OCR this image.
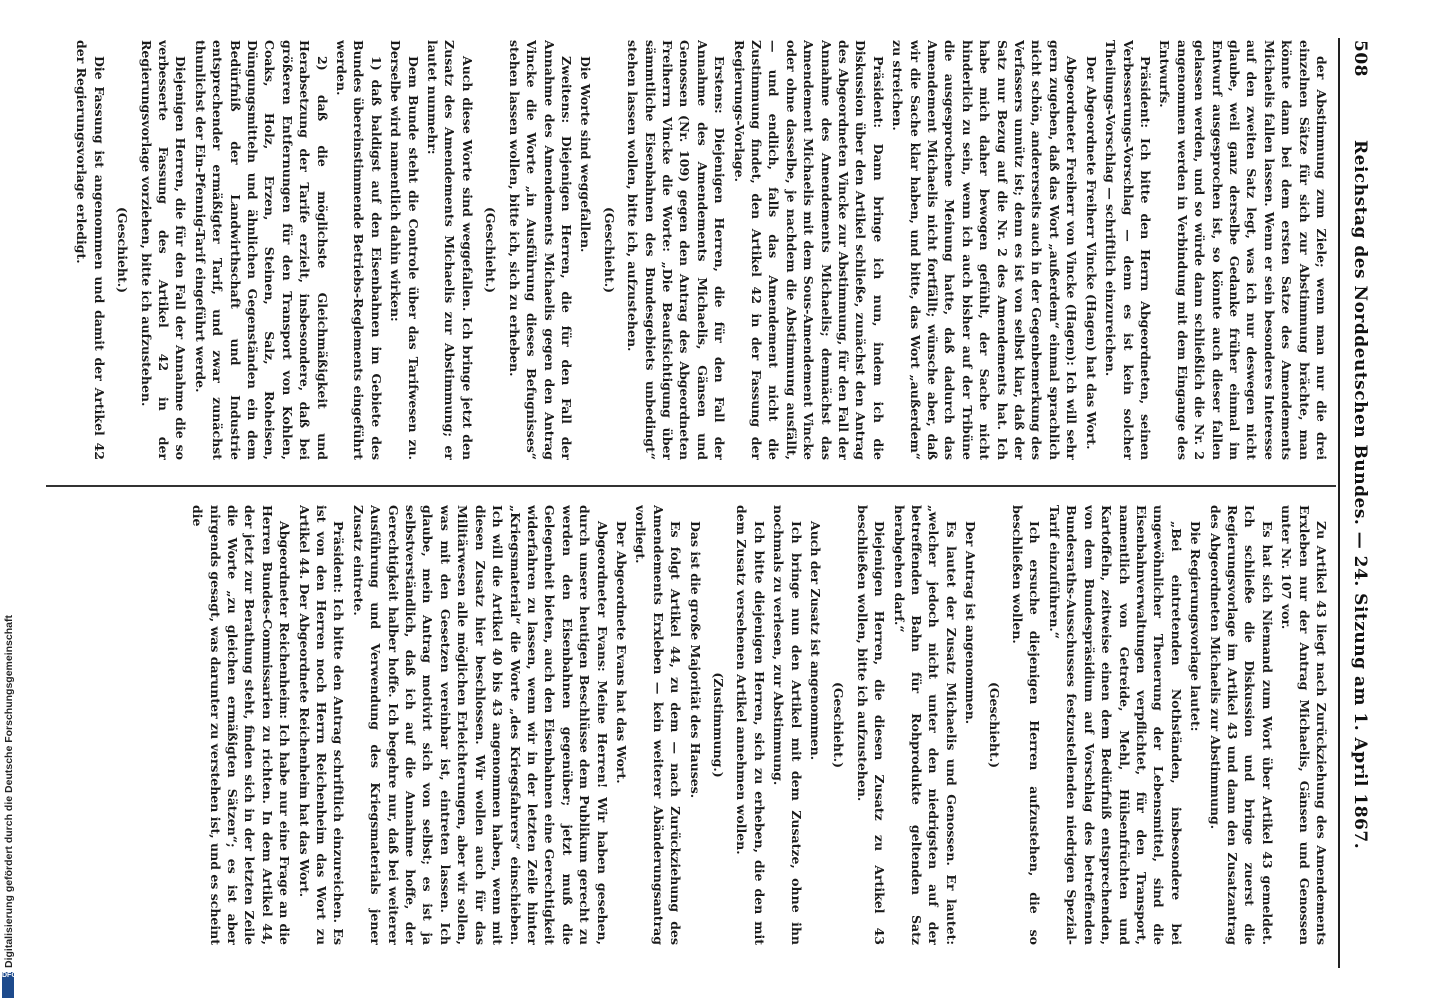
508
Reichstag des Norddeutschen Bundes. — 24. Sitzung am 1. April 1867.

der Abstimmung zum Ziele; wenn man nur die drei einzelnen Sätze für sich zur Abstimmung brächte, man könnte dann bei dem ersten Satze des Amendements Michaelis fallen lassen. Wenn er sein besonderes Interesse auf den zweiten Satz legt, was ich nur deswegen nicht glaube, weil ganz derselbe Gedanke früher einmal im Entwurf ausgesprochen ist, so könnte auch dieser fallen gelassen werden, und so würde dann schließlich die Nr. 2 angenommen werden in Verbindung mit dem Eingange des Entwurfs.

Präsident: Ich bitte den Herrn Abgeordneten, seinen Verbesserungs-Vorschlag — denn es ist kein solcher Theilungs-Vorschlag — schriftlich einzureichen.

Der Abgeordnete Freiherr Vincke (Hagen) hat das Wort.

Abgeordneter Freiherr von Vincke (Hagen): Ich will sehr gern zugeben, daß das Wort „außerdem“ einmal sprachlich nicht schön, andererseits auch in der Gegenbemerkung des Verfassers unnütz ist; denn es ist von selbst klar, daß der Satz nur Bezug auf die Nr. 2 des Amendements hat. Ich habe mich daher bewogen gefühlt, der Sache nicht hinderlich zu sein, wenn ich auch bisher auf der Tribüne die ausgesprochene Meinung hatte, daß dadurch das Amendement Michaelis nicht fortfällt; wünsche aber, daß wir die Sache klar haben, und bitte, das Wort „außerdem“ zu streichen.

Präsident: Dann bringe ich nun, indem ich die Diskussion über den Artikel schließe, zunächst den Antrag des Abgeordneten Vincke zur Abstimmung, für den Fall der Annahme des Amendements Michaelis; demnächst das Amendement Michaelis mit dem Sous-Amendement Vincke oder ohne dasselbe, je nachdem die Abstimmung ausfällt, — und endlich, falls das Amendement nicht die Zustimmung findet, den Artikel 42 in der Fassung der Regierungs-Vorlage.

Erstens: Diejenigen Herren, die für den Fall der Annahme des Amendements Michaelis, Gänsen und Genossen (Nr. 109) gegen den Antrag des Abgeordneten Freiherrn Vincke die Worte: „Die Beaufsichtigung über sämmtliche Eisenbahnen des Bundesgebiets unbedingt“ stehen lassen wollen, bitte ich, aufzustehen.

(Geschieht.)

Die Worte sind weggefallen.

Zweitens: Diejenigen Herren, die für den Fall der Annahme des Amendements Michaelis gegen den Antrag Vincke die Worte „in Ausführung dieses Befugnisses“ stehen lassen wollen, bitte ich, sich zu erheben.

(Geschieht.)

Auch diese Worte sind weggefallen. Ich bringe jetzt den Zusatz des Amendements Michaelis zur Abstimmung; er lautet nunmehr:

Dem Bunde steht die Controle über das Tarifwesen zu. Derselbe wird namentlich dahin wirken:

1) daß baldigst auf den Eisenbahnen im Gebiete des Bundes übereinstimmende Betriebs-Reglements eingeführt werden.

2) daß die möglichste Gleichmäßigkeit und Herabsetzung der Tarife erzielt, insbesondere, daß bei größeren Entfernungen für den Transport von Kohlen, Coaks, Holz, Erzen, Steinen, Salz, Roheisen, Düngungsmitteln und ähnlichen Gegenständen ein dem Bedürfniß der Landwirthschaft und Industrie entsprechender ermäßigter Tarif, und zwar zunächst thunlichst der Ein-Pfennig-Tarif eingeführt werde.

Diejenigen Herren, die für den Fall der Annahme die so verbesserte Fassung des Artikel 42 in der Regierungsvorlage vorziehen, bitte ich aufzustehen.

(Geschieht.)

Die Fassung ist angenommen und damit der Artikel 42 der Regierungsvorlage erledigt.

Zu Artikel 43 liegt nach Zurückziehung des Amendements Erxleben nur der Antrag Michaelis, Gänsen und Genossen unter Nr. 107 vor.

Es hat sich Niemand zum Wort über Artikel 43 gemeldet. Ich schließe die Diskussion und bringe zuerst die Regierungsvorlage im Artikel 43 und dann den Zusatzantrag des Abgeordneten Michaelis zur Abstimmung.

Die Regierungsvorlage lautet:

„Bei eintretenden Nothständen, insbesondere bei ungewöhnlicher Theuerung der Lebensmittel, sind die Eisenbahnverwaltungen verpflichtet, für den Transport, namentlich von Getreide, Mehl, Hülsenfrüchten und Kartoffeln, zeitweise einen dem Bedürfniß entsprechenden, von dem Bundespräsidium auf Vorschlag des betreffenden Bundesraths-Ausschusses festzustellenden niedrigen Spezial-Tarif einzuführen.“

Ich ersuche diejenigen Herren aufzustehen, die so beschließen wollen.

(Geschieht.)

Der Antrag ist angenommen.

Es lautet der Zusatz Michaelis und Genossen. Er lautet: „welcher jedoch nicht unter den niedrigsten auf der betreffenden Bahn für Rohprodukte geltenden Satz herabgehen darf.“

Diejenigen Herren, die diesen Zusatz zu Artikel 43 beschließen wollen, bitte ich aufzustehen.

(Geschieht.)

Auch der Zusatz ist angenommen.

Ich bringe nun den Artikel mit dem Zusatze, ohne ihn nochmals zu verlesen, zur Abstimmung.

Ich bitte diejenigen Herren, sich zu erheben, die den mit dem Zusatz versehenen Artikel annehmen wollen.

(Zustimmung.)

Das ist die große Majorität des Hauses.

Es folgt Artikel 44, zu dem — nach Zurückziehung des Amendements Erxleben — kein weiterer Abänderungsantrag vorliegt.

Der Abgeordnete Evans hat das Wort.

Abgeordneter Evans: Meine Herren! Wir haben gesehen, durch unsere heutigen Beschlüsse dem Publikum gerecht zu werden den Eisenbahnen gegenüber; jetzt muß die Gelegenheit bieten, auch den Eisenbahnen eine Gerechtigkeit widerfahren zu lassen, wenn wir in der letzten Zeile hinter „Kriegsmaterial“ die Worte „des Kriegsfahrers“ einschieben. Ich will die Artikel 40 bis 43 angenommen haben, wenn mit diesen Zusatz hier beschlossen. Wir wollen auch für das Militärwesen alle möglichen Erleichterungen, aber wir sollen, was mit den Gesetzen vereinbar ist, eintreten lassen. Ich glaube, mein Antrag motivirt sich von selbst; es ist ja selbstverständlich, daß ich auf die Annahme hoffe, der Gerechtigkeit halber hoffe. Ich begehre nur, daß bei weiterer Ausführung und Verwendung des Kriegsmaterials jener Zusatz eintrete.

Präsident: Ich bitte den Antrag schriftlich einzureichen. Es ist von den Herren noch Herrn Reichenheim das Wort zu Artikel 44. Der Abgeordnete Reichenheim hat das Wort.

Abgeordneter Reichenheim: Ich habe nur eine Frage an die Herren Bundes-Commissarien zu richten. In dem Artikel 44, der jetzt zur Berathung steht, finden sich in der letzten Zeile die Worte „zu gleichen ermäßigten Sätzen“; es ist aber nirgends gesagt, was darunter zu verstehen ist, und es scheint die

Digitalisierung gefördert durch die Deutsche Forschungsgemeinschaft
DFG
